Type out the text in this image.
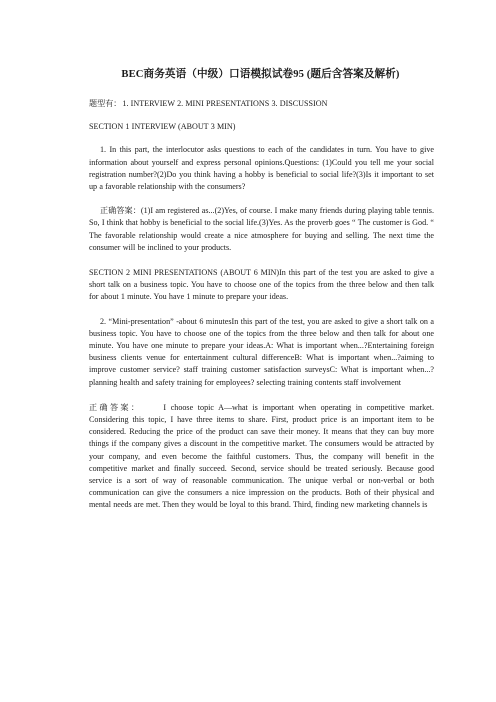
BEC商务英语（中级）口语模拟试卷95 (题后含答案及解析)

题型有：1. INTERVIEW 2. MINI PRESENTATIONS 3. DISCUSSION

SECTION 1 INTERVIEW (ABOUT 3 MIN)

1. In this part, the interlocutor asks questions to each of the candidates in turn. You have to give information about yourself and express personal opinions.Questions: (1)Could you tell me your social registration number?(2)Do you think having a hobby is beneficial to social life?(3)Is it important to set up a favorable relationship with the consumers?

正确答案：(1)I am registered as...(2)Yes, of course. I make many friends during playing table tennis. So, I think that hobby is beneficial to the social life.(3)Yes. As the proverb goes “ The customer is God. “ The favorable relationship would create a nice atmosphere for buying and selling. The next time the consumer will be inclined to your products.

SECTION 2 MINI PRESENTATIONS (ABOUT 6 MIN)In this part of the test you are asked to give a short talk on a business topic. You have to choose one of the topics from the three below and then talk for about 1 minute. You have 1 minute to prepare your ideas.

2. “Mini-presentation” -about 6 minutesIn this part of the test, you are asked to give a short talk on a business topic. You have to choose one of the topics from the three below and then talk for about one minute. You have one minute to prepare your ideas.A: What is important when...?Entertaining foreign business clients venue for entertainment cultural differenceB: What is important when...?aiming to improve customer service? staff training customer satisfaction surveysC: What is important when...?planning health and safety training for employees? selecting training contents staff involvement

正确答案：	I choose topic A—what is important when operating in competitive market. Considering this topic, I have three items to share. First, product price is an important item to be considered. Reducing the price of the product can save their money. It means that they can buy more things if the company gives a discount in the competitive market. The consumers would be attracted by your company, and even become the faithful customers. Thus, the company will benefit in the competitive market and finally succeed. Second, service should be treated seriously. Because good service is a sort of way of reasonable communication. The unique verbal or non-verbal or both communication can give the consumers a nice impression on the products. Both of their physical and mental needs are met. Then they would be loyal to this brand. Third, finding new marketing channels is
